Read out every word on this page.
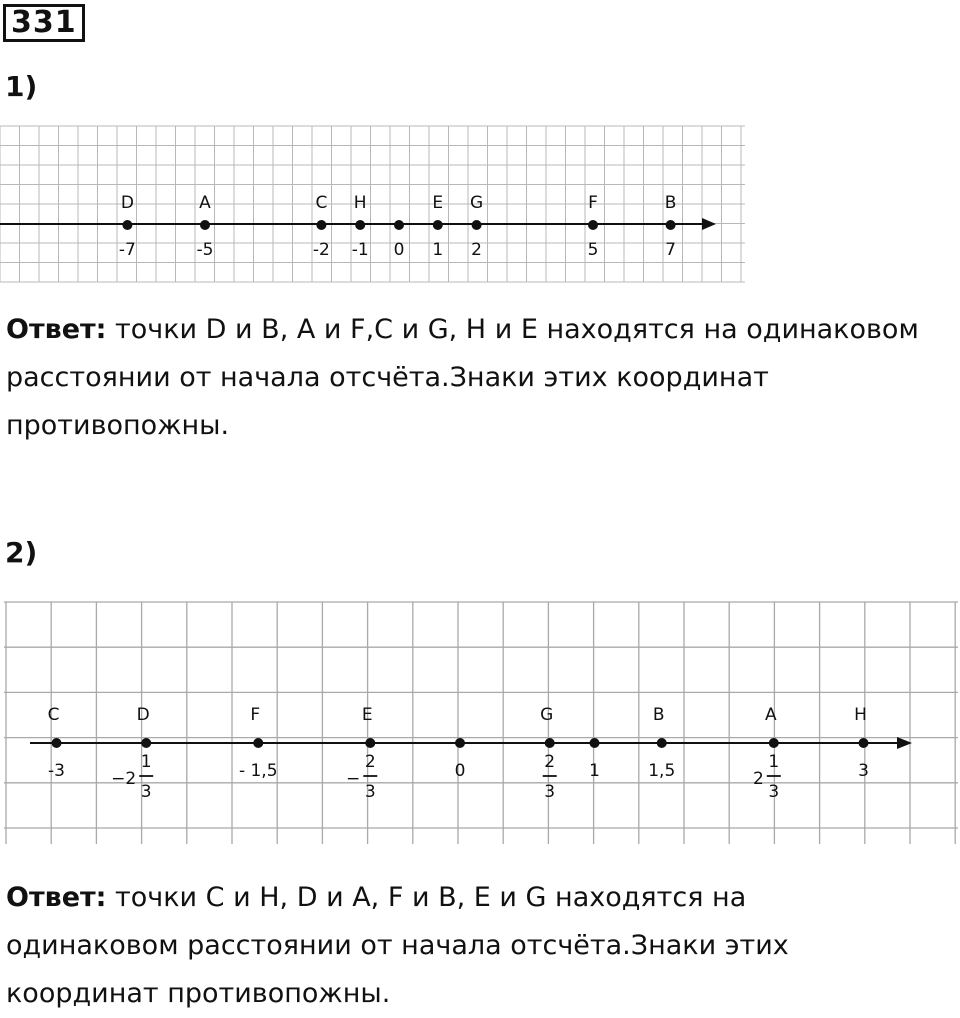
331
1)
D
-7
A
-5
C
-2
H
-1 0
E
1
G
2
F
5
B
7
Ответ: точки D и B, A и F,C и G, H и E находятся на одинаковом
расстоянии от начала отсчёта.Знаки этих координат
противопожны.
2)
C
-3
D
1
3
−2
F
- 1,5
E
2
3
−	0
G
2
3
1
B
1,5
A
1
3
2
H
3
Ответ: точки C и H, D и A, F и B, E и G находятся на
одинаковом расстоянии от начала отсчёта.Знаки этих
координат противопожны.
